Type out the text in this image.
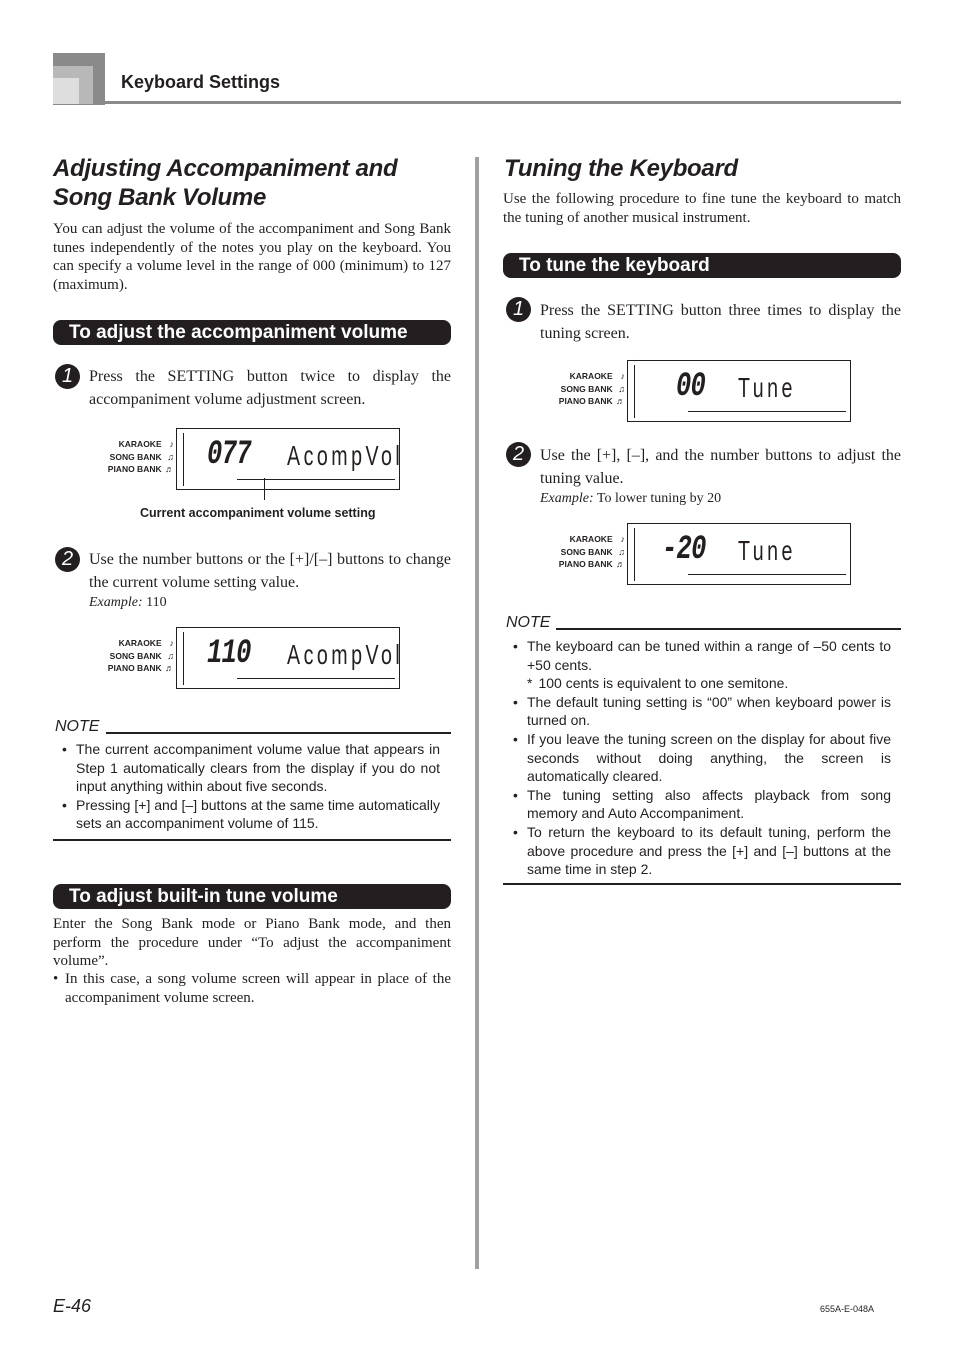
Keyboard Settings
Adjusting Accompaniment and
Song Bank Volume
You can adjust the volume of the accompaniment and Song Bank tunes independently of the notes you play on the keyboard. You can specify a volume level in the range of 000 (minimum) to 127 (maximum).
To adjust the accompaniment volume
1 Press the SETTING button twice to display the accompaniment volume adjustment screen.
KARAOKE ♪
SONG BANK ♫
PIANO BANK ♬ 077 AcompVol
Current accompaniment volume setting
2 Use the number buttons or the [+]/[–] buttons to change the current volume setting value.
Example: 110
KARAOKE ♪
SONG BANK ♫
PIANO BANK ♬ 110 AcompVol
NOTE
• The current accompaniment volume value that appears in Step 1 automatically clears from the display if you do not input anything within about five seconds.
• Pressing [+] and [–] buttons at the same time automatically sets an accompaniment volume of 115.
To adjust built-in tune volume
Enter the Song Bank mode or Piano Bank mode, and then perform the procedure under “To adjust the accompaniment volume”.
• In this case, a song volume screen will appear in place of the accompaniment volume screen.
Tuning the Keyboard
Use the following procedure to fine tune the keyboard to match the tuning of another musical instrument.
To tune the keyboard
1 Press the SETTING button three times to display the tuning screen.
KARAOKE ♪
SONG BANK ♫
PIANO BANK ♬ 00 Tune
2 Use the [+], [–], and the number buttons to adjust the tuning value.
Example: To lower tuning by 20
KARAOKE ♪
SONG BANK ♫
PIANO BANK ♬ -20 Tune
NOTE
• The keyboard can be tuned within a range of –50 cents to +50 cents.
* 100 cents is equivalent to one semitone.
• The default tuning setting is “00” when keyboard power is turned on.
• If you leave the tuning screen on the display for about five seconds without doing anything, the screen is automatically cleared.
• The tuning setting also affects playback from song memory and Auto Accompaniment.
• To return the keyboard to its default tuning, perform the above procedure and press the [+] and [–] buttons at the same time in step 2.
E-46	655A-E-048A
